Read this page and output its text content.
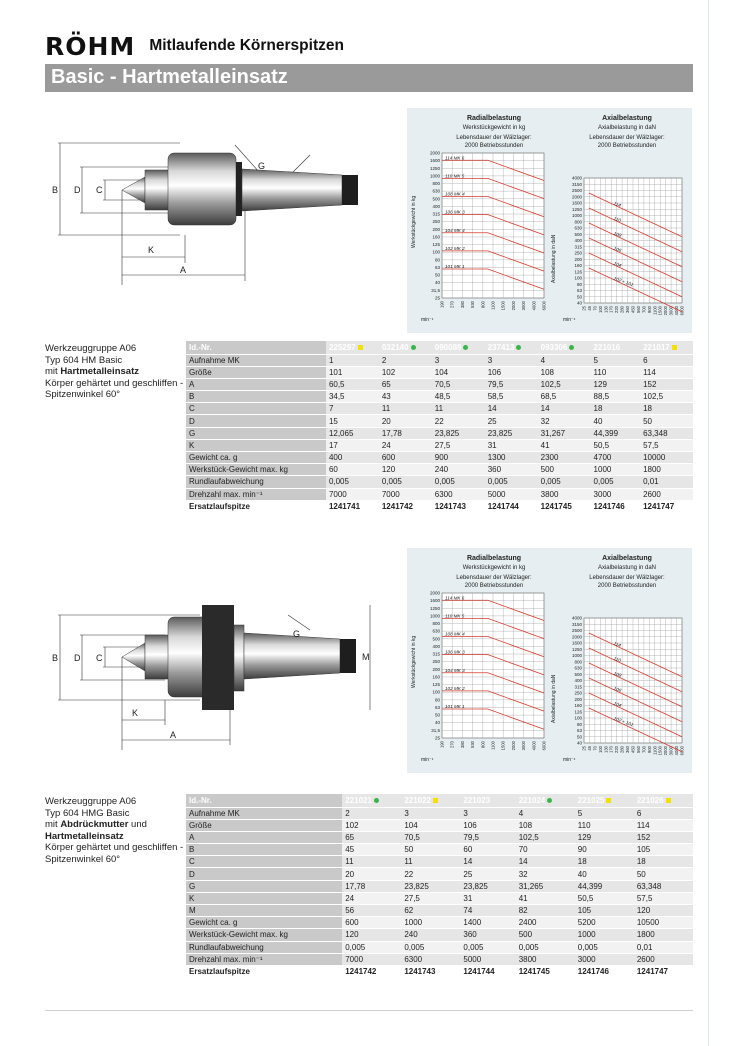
RÖHM Mitlaufende Körnerspitzen
Basic - Hartmetalleinsatz
B D C
G
K
A
Radialbelastung
Werkstückgewicht in kg
Lebensdauer der Wälzlager:
2000 Betriebsstunden
Axialbelastung
Axialbelastung in daN
Lebensdauer der Wälzlager:
2000 Betriebsstunden
2000
1600
1250
1000
800
630
500
400
315
250
200
160
125
100
80
63
50
40
31,5
25
190 270 380 530 800 1100 1500 2000 3000 4000 6000
114 MK 6
110 MK 5
108 MK 4
106 MK 3
104 MK 4
102 MK 2
101 MK 1
4000
3150
2500
2000
1600
1250
1000
800
630
500
400
315
250
200
160
126
100
80
63
50
40
25 45 70 100 130 170 220 280 360 450 560 700 900 1100 1500 2000 3000 4000 6000
114
110
108
106
104
102 + 101
Werkstückgewicht in kg
Axialbelastung in daN
min⁻¹	min⁻¹
Werkzeuggruppe A06
Typ 604 HM Basic
mit Hartmetalleinsatz
Körper gehärtet und geschliffen -
Spitzenwinkel 60°
Id.-Nr.	225297	032140	090089	237413	093306	221016	221017
Aufnahme MK	1	2	3	3	4	5	6
Größe	101	102	104	106	108	110	114
A	60,5	65	70,5	79,5	102,5	129	152
B	34,5	43	48,5	58,5	68,5	88,5	102,5
C	7	11	11	14	14	18	18
D	15	20	22	25	32	40	50
G	12,065	17,78	23,825	23,825	31,267	44,399	63,348
K	17	24	27,5	31	41	50,5	57,5
Gewicht ca. g	400	600	900	1300	2300	4700	10000
Werkstück-Gewicht max. kg	60	120	240	360	500	1000	1800
Rundlaufabweichung	0,005	0,005	0,005	0,005	0,005	0,005	0,01
Drehzahl max. min⁻¹	7000	7000	6300	5000	3800	3000	2600
Ersatzlaufspitze	1241741	1241742	1241743	1241744	1241745	1241746	1241747
B D C
G
K
A
M
Radialbelastung
Werkstückgewicht in kg
Lebensdauer der Wälzlager:
2000 Betriebsstunden
Axialbelastung
Axialbelastung in daN
Lebensdauer der Wälzlager:
2000 Betriebsstunden
2000
1600
1250
1000
800
630
500
400
315
250
200
160
125
100
80
63
50
40
31,5
25
190 270 380 530 800 1100 1500 2000 3000 4000 6000
114 MK 6
110 MK 5
108 MK 4
106 MK 3
104 MK 3
102 MK 2
101 MK 1
4000
3150
2500
2000
1600
1250
1000
800
630
500
400
315
250
200
160
126
100
80
63
50
40
25 45 70 100 130 170 220 280 360 450 560 700 900 1100 1500 2000 3000 4000 6000
114
110
108
106
104
102 + 101
Werkstückgewicht in kg
Axialbelastung in daN
min⁻¹	min⁻¹
Werkzeuggruppe A06
Typ 604 HMG Basic
mit Abdrückmutter und
Hartmetalleinsatz
Körper gehärtet und geschliffen -
Spitzenwinkel 60°
Id.-Nr.	221021	221022	221023	221024	221025	221026
Aufnahme MK	2	3	3	4	5	6
Größe	102	104	106	108	110	114
A	65	70,5	79,5	102,5	129	152
B	45	50	60	70	90	105
C	11	11	14	14	18	18
D	20	22	25	32	40	50
G	17,78	23,825	23,825	31,265	44,399	63,348
K	24	27,5	31	41	50,5	57,5
M	56	62	74	82	105	120
Gewicht ca. g	600	1000	1400	2400	5200	10500
Werkstück-Gewicht max. kg	120	240	360	500	1000	1800
Rundlaufabweichung	0,005	0,005	0,005	0,005	0,005	0,01
Drehzahl max. min⁻¹	7000	6300	5000	3800	3000	2600
Ersatzlaufspitze	1241742	1241743	1241744	1241745	1241746	1241747
